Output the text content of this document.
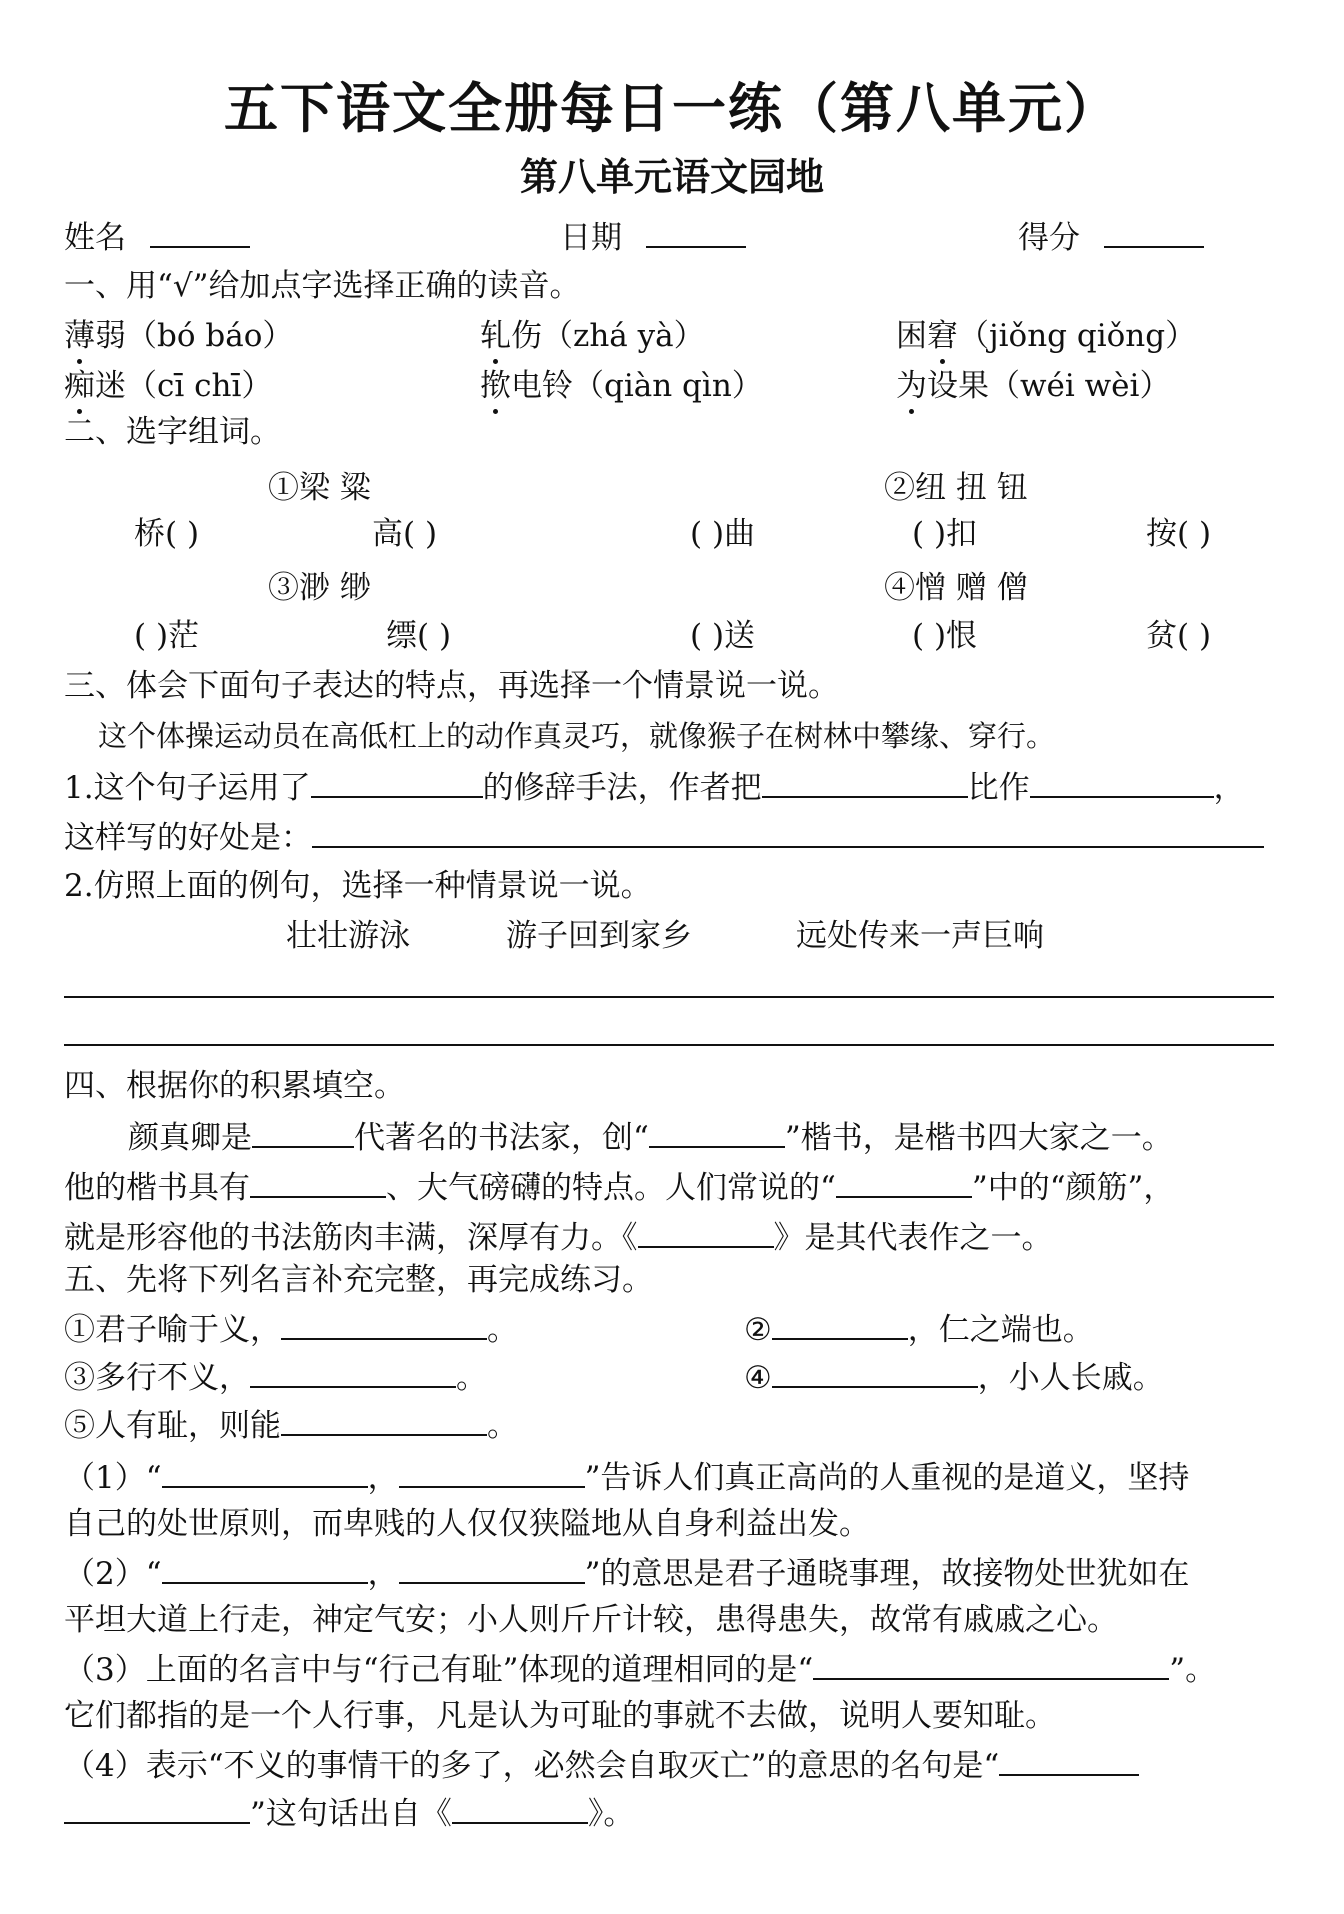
五下语文全册每日一练（第八单元）
第八单元语文园地
姓名	日期	得分
一、用“√”给加点字选择正确的读音。
薄弱（bó báo）	轧伤（zhá yà）	困窘（jiǒng qiǒng）
痴迷（cī chī）	揿电铃（qiàn qìn）	为设果（wéi wèi）
二、选字组词。
①梁 粱	②纽 扭 钮
桥( )	高( )	( )曲	( )扣	按( )
③渺 缈	④憎 赠 僧
( )茫	缥( )	( )送	( )恨	贫( )
三、体会下面句子表达的特点，再选择一个情景说一说。
这个体操运动员在高低杠上的动作真灵巧，就像猴子在树林中攀缘、穿行。
1.这个句子运用了	的修辞手法，作者把	比作	，
这样写的好处是：
2.仿照上面的例句，选择一种情景说一说。
壮壮游泳	游子回到家乡	远处传来一声巨响
四、根据你的积累填空。
颜真卿是	代著名的书法家，创“	”楷书，是楷书四大家之一。
他的楷书具有	、大气磅礴的特点。人们常说的“	”中的“颜筋”，
就是形容他的书法筋肉丰满，深厚有力。《	》是其代表作之一。
五、先将下列名言补充完整，再完成练习。
①君子喻于义，	。	②	，仁之端也。
③多行不义，	。	④	，小人长戚。
⑤人有耻，则能	。
（1）“	，	”告诉人们真正高尚的人重视的是道义，坚持
自己的处世原则，而卑贱的人仅仅狭隘地从自身利益出发。
（2）“	，	”的意思是君子通晓事理，故接物处世犹如在
平坦大道上行走，神定气安；小人则斤斤计较，患得患失，故常有戚戚之心。
（3）上面的名言中与“行己有耻”体现的道理相同的是“	”。
它们都指的是一个人行事，凡是认为可耻的事就不去做，说明人要知耻。
（4）表示“不义的事情干的多了，必然会自取灭亡”的意思的名句是“
”这句话出自《	》。
